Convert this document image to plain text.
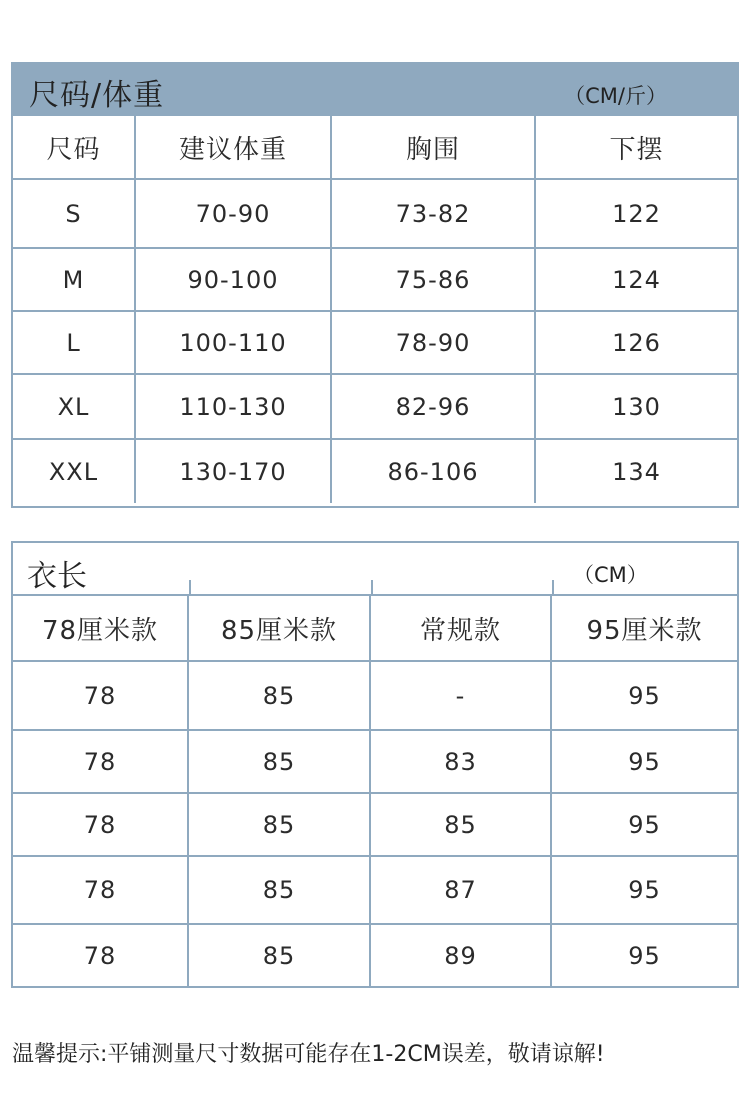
尺码/体重	（CM/斤）
尺码	建议体重	胸围	下摆
S	70-90	73-82	122
M	90-100	75-86	124
L	100-110	78-90	126
XL	110-130	82-96	130
XXL	130-170	86-106	134
衣长	（CM）
78厘米款	85厘米款	常规款	95厘米款
78	85	-	95
78	85	83	95
78	85	85	95
78	85	87	95
78	85	89	95
温馨提示:平铺测量尺寸数据可能存在1-2CM误差，敬请谅解!
